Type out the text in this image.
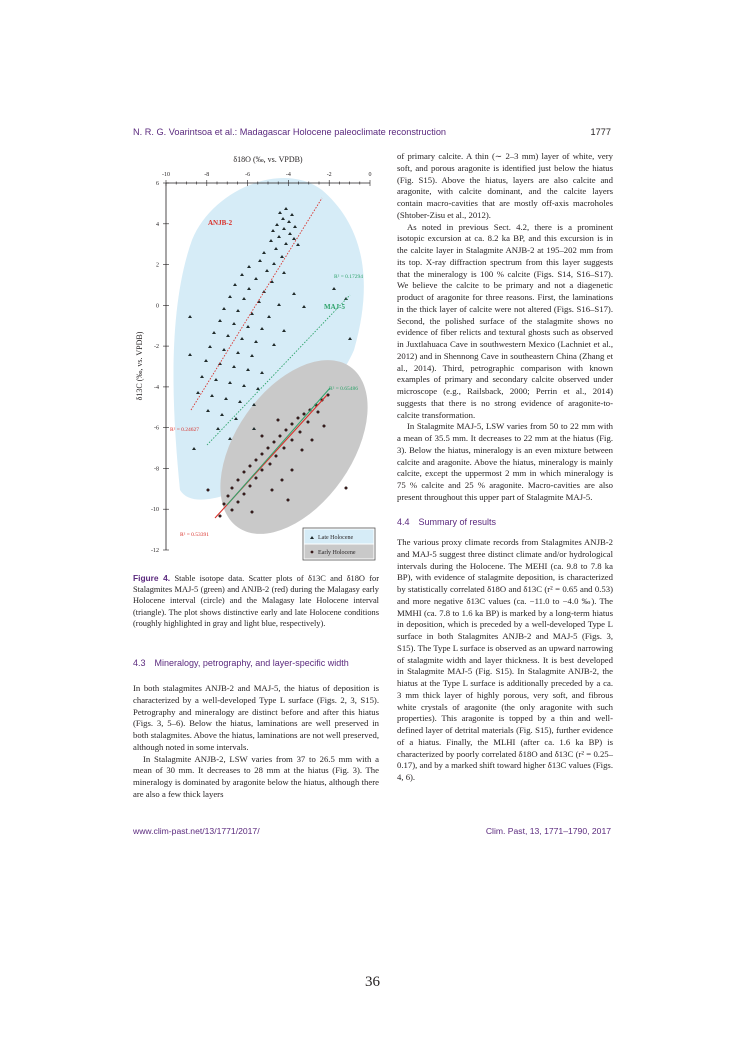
N. R. G. Voarintsoa et al.: Madagascar Holocene paleoclimate reconstruction	1777
-10	-8	-6	-4	-2	0
6
4
2
0
-2
-4
-6
-8
-10
-12
δ18O (‰, vs. VPDB)
δ13C (‰, vs. VPDB)
ANJB-2
MAJ-5
R² = 0.17294
R² = 0.65486
R² = 0.24627
R² = 0.53391	Late Holocene
Early Holocene
Figure 4. Stable isotope data. Scatter plots of δ13C and δ18O for Stalagmites MAJ-5 (green) and ANJB-2 (red) during the Malagasy early Holocene interval (circle) and the Malagasy late Holocene interval (triangle). The plot shows distinctive early and late Holocene conditions (roughly highlighted in gray and light blue, respectively).
4.3 Mineralogy, petrography, and layer-specific width

In both stalagmites ANJB-2 and MAJ-5, the hiatus of deposition is characterized by a well-developed Type L surface (Figs. 2, 3, S15). Petrography and mineralogy are distinct before and after this hiatus (Figs. 3, 5–6). Below the hiatus, laminations are well preserved in both stalagmites. Above the hiatus, laminations are not well preserved, although noted in some intervals.

In Stalagmite ANJB-2, LSW varies from 37 to 26.5 mm with a mean of 30 mm. It decreases to 28 mm at the hiatus (Fig. 3). The mineralogy is dominated by aragonite below the hiatus, although there are also a few thick layers

of primary calcite. A thin (∼ 2–3 mm) layer of white, very soft, and porous aragonite is identified just below the hiatus (Fig. S15). Above the hiatus, layers are also calcite and aragonite, with calcite dominant, and the calcite layers contain macro-cavities that are mostly off-axis macroholes (Shtober-Zisu et al., 2012).

As noted in previous Sect. 4.2, there is a prominent isotopic excursion at ca. 8.2 ka BP, and this excursion is in the calcite layer in Stalagmite ANJB-2 at 195–202 mm from its top. X-ray diffraction spectrum from this layer suggests that the mineralogy is 100 % calcite (Figs. S14, S16–S17). We believe the calcite to be primary and not a diagenetic product of aragonite for three reasons. First, the laminations in the thick layer of calcite were not altered (Figs. S16–S17). Second, the polished surface of the stalagmite shows no evidence of fiber relicts and textural ghosts such as observed in Juxtlahuaca Cave in southwestern Mexico (Lachniet et al., 2012) and in Shennong Cave in southeastern China (Zhang et al., 2014). Third, petrographic comparison with known examples of primary and secondary calcite observed under microscope (e.g., Railsback, 2000; Perrin et al., 2014) suggests that there is no strong evidence of aragonite-to-calcite transformation.

In Stalagmite MAJ-5, LSW varies from 50 to 22 mm with a mean of 35.5 mm. It decreases to 22 mm at the hiatus (Fig. 3). Below the hiatus, mineralogy is an even mixture between calcite and aragonite. Above the hiatus, mineralogy is mainly calcite, except the uppermost 2 mm in which mineralogy is 75 % calcite and 25 % aragonite. Macro-cavities are also present throughout this upper part of Stalagmite MAJ-5.

4.4 Summary of results

The various proxy climate records from Stalagmites ANJB-2 and MAJ-5 suggest three distinct climate and/or hydrological intervals during the Holocene. The MEHI (ca. 9.8 to 7.8 ka BP), with evidence of stalagmite deposition, is characterized by statistically correlated δ18O and δ13C (r² = 0.65 and 0.53) and more negative δ13C values (ca. −11.0 to −4.0 ‰). The MMHI (ca. 7.8 to 1.6 ka BP) is marked by a long-term hiatus in deposition, which is preceded by a well-developed Type L surface in both Stalagmites ANJB-2 and MAJ-5 (Figs. 3, S15). The Type L surface is observed as an upward narrowing of stalagmite width and layer thickness. It is best developed in Stalagmite MAJ-5 (Fig. S15). In Stalagmite ANJB-2, the hiatus at the Type L surface is additionally preceded by a ca. 3 mm thick layer of highly porous, very soft, and fibrous white crystals of aragonite (the only aragonite with such properties). This aragonite is topped by a thin and well-defined layer of detrital materials (Fig. S15), further evidence of a hiatus. Finally, the MLHI (after ca. 1.6 ka BP) is characterized by poorly correlated δ18O and δ13C (r² = 0.25–0.17), and by a marked shift toward higher δ13C values (Figs. 4, 6).

www.clim-past.net/13/1771/2017/	Clim. Past, 13, 1771–1790, 2017
36
